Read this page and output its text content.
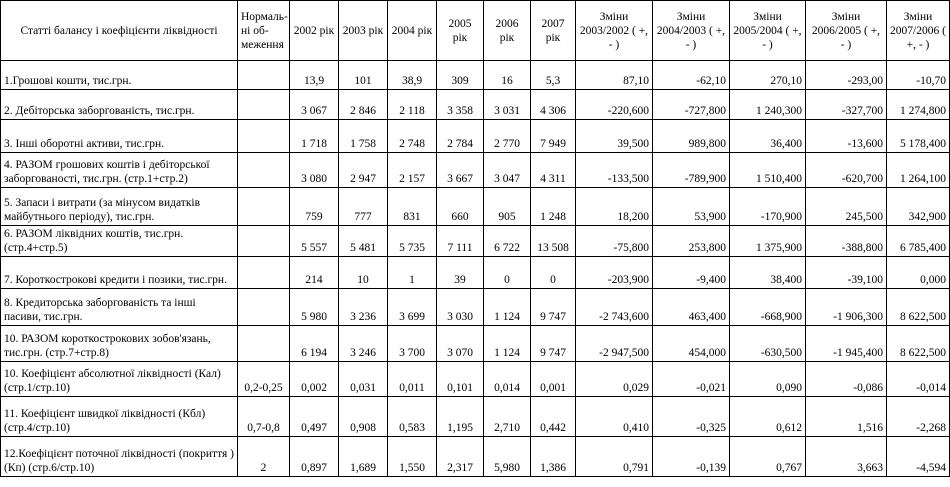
Статті балансу і коефіцієнти ліквідності	Нормаль-ні об-меження	2002 рік	2003 рік	2004 рік	2005 рік	2006 рік	2007 рік	Зміни 2003/2002 ( +, - )	Зміни 2004/2003 ( +, - )	Зміни 2005/2004 ( +, - )	Зміни 2006/2005 ( +, - )	Зміни 2007/2006 ( +, - )
1.Грошові кошти, тис.грн.		13,9	101	38,9	309	16	5,3	87,10	-62,10	270,10	-293,00	-10,70
2. Дебіторська заборгованість, тис.грн.		3 067	2 846	2 118	3 358	3 031	4 306	-220,600	-727,800	1 240,300	-327,700	1 274,800
3. Інші оборотні активи, тис.грн.		1 718	1 758	2 748	2 784	2 770	7 949	39,500	989,800	36,400	-13,600	5 178,400
4. РАЗОМ грошових коштів і дебіторської заборгованості, тис.грн. (стр.1+стр.2)		3 080	2 947	2 157	3 667	3 047	4 311	-133,500	-789,900	1 510,400	-620,700	1 264,100
5. Запаси і витрати (за мінусом видатків майбутнього періоду), тис.грн.		759	777	831	660	905	1 248	18,200	53,900	-170,900	245,500	342,900
6. РАЗОМ ліквідних коштів, тис.грн. (стр.4+стр.5)		5 557	5 481	5 735	7 111	6 722	13 508	-75,800	253,800	1 375,900	-388,800	6 785,400
7. Короткострокові кредити і позики, тис.грн.		214	10	1	39	0	0	-203,900	-9,400	38,400	-39,100	0,000
8. Кредиторська заборгованість та інші пасиви, тис.грн.		5 980	3 236	3 699	3 030	1 124	9 747	-2 743,600	463,400	-668,900	-1 906,300	8 622,500
10. РАЗОМ короткострокових зобов'язань, тис.грн. (стр.7+стр.8)		6 194	3 246	3 700	3 070	1 124	9 747	-2 947,500	454,000	-630,500	-1 945,400	8 622,500
10. Коефіцієнт абсолютної ліквідності (Кал) (стр.1/стр.10)	0,2-0,25	0,002	0,031	0,011	0,101	0,014	0,001	0,029	-0,021	0,090	-0,086	-0,014
11. Коефіцієнт швидкої ліквідності (Кбл) (стр.4/стр.10)	0,7-0,8	0,497	0,908	0,583	1,195	2,710	0,442	0,410	-0,325	0,612	1,516	-2,268
12.Коефіцієнт поточної ліквідності (покриття ) (Кп) (стр.6/стр.10)	2	0,897	1,689	1,550	2,317	5,980	1,386	0,791	-0,139	0,767	3,663	-4,594
